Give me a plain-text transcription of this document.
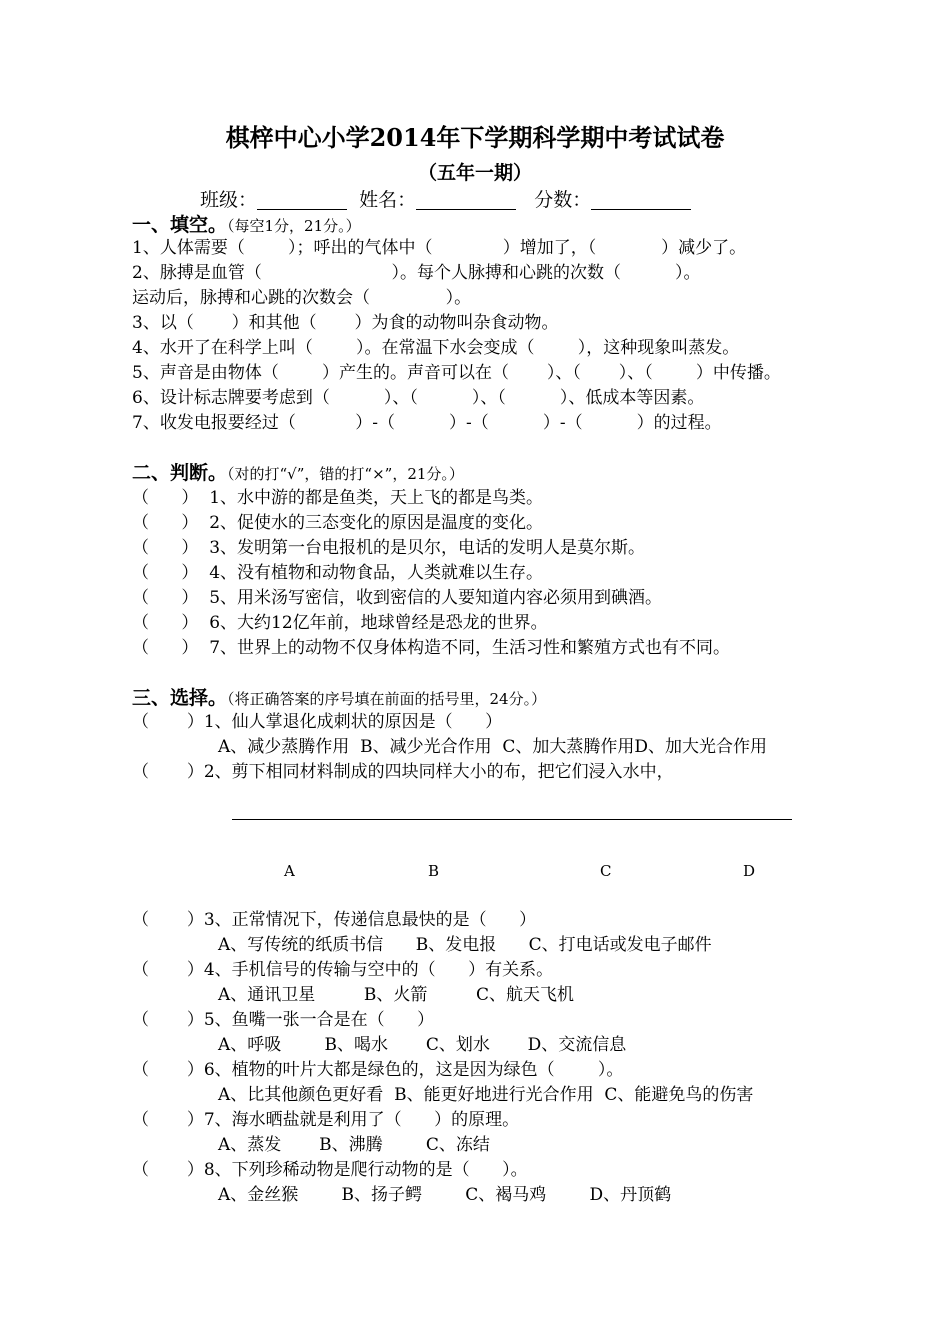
棋梓中心小学2014年下学期科学期中考试试卷
（五年一期）
班级：	姓名：	分数：
一、填空。（每空1分，21分。）
1、人体需要（        ）；呼出的气体中（             ）增加了，（            ）减少了。
2、脉搏是血管（                        ）。每个人脉搏和心跳的次数（          ）。
运动后，脉搏和心跳的次数会（              ）。
3、以（       ）和其他（       ）为食的动物叫杂食动物。
4、水开了在科学上叫（        ）。在常温下水会变成（        ），这种现象叫蒸发。
5、声音是由物体（        ）产生的。声音可以在（       ）、（       ）、（        ）中传播。
6、设计标志牌要考虑到（          ）、（          ）、（          ）、低成本等因素。
7、收发电报要经过（           ）-（          ）-（          ）-（          ）的过程。
二、判断。（对的打“√”，错的打“×”，21分。）
（      ）  1、水中游的都是鱼类，天上飞的都是鸟类。
（      ）  2、促使水的三态变化的原因是温度的变化。
（      ）  3、发明第一台电报机的是贝尔，电话的发明人是莫尔斯。
（      ）  4、没有植物和动物食品，人类就难以生存。
（      ）  5、用米汤写密信，收到密信的人要知道内容必须用到碘酒。
（      ）  6、大约12亿年前，地球曾经是恐龙的世界。
（      ）  7、世界上的动物不仅身体构造不同，生活习性和繁殖方式也有不同。
三、选择。（将正确答案的序号填在前面的括号里，24分。）
（       ）1、仙人掌退化成刺状的原因是（      ）
A、减少蒸腾作用  B、减少光合作用  C、加大蒸腾作用D、加大光合作用
（       ）2、剪下相同材料制成的四块同样大小的布，把它们浸入水中，
A	B	C	D
（       ）3、正常情况下，传递信息最快的是（      ）
A、写传统的纸质书信      B、发电报      C、打电话或发电子邮件
（       ）4、手机信号的传输与空中的（      ）有关系。
A、通讯卫星         B、火箭         C、航天飞机
（       ）5、鱼嘴一张一合是在（      ）
A、呼吸        B、喝水       C、划水       D、交流信息
（       ）6、植物的叶片大都是绿色的，这是因为绿色（        ）。
A、比其他颜色更好看  B、能更好地进行光合作用  C、能避免鸟的伤害
（       ）7、海水晒盐就是利用了（      ）的原理。
A、蒸发       B、沸腾        C、冻结
（       ）8、下列珍稀动物是爬行动物的是（      ）。
A、金丝猴        B、扬子鳄        C、褐马鸡        D、丹顶鹤
